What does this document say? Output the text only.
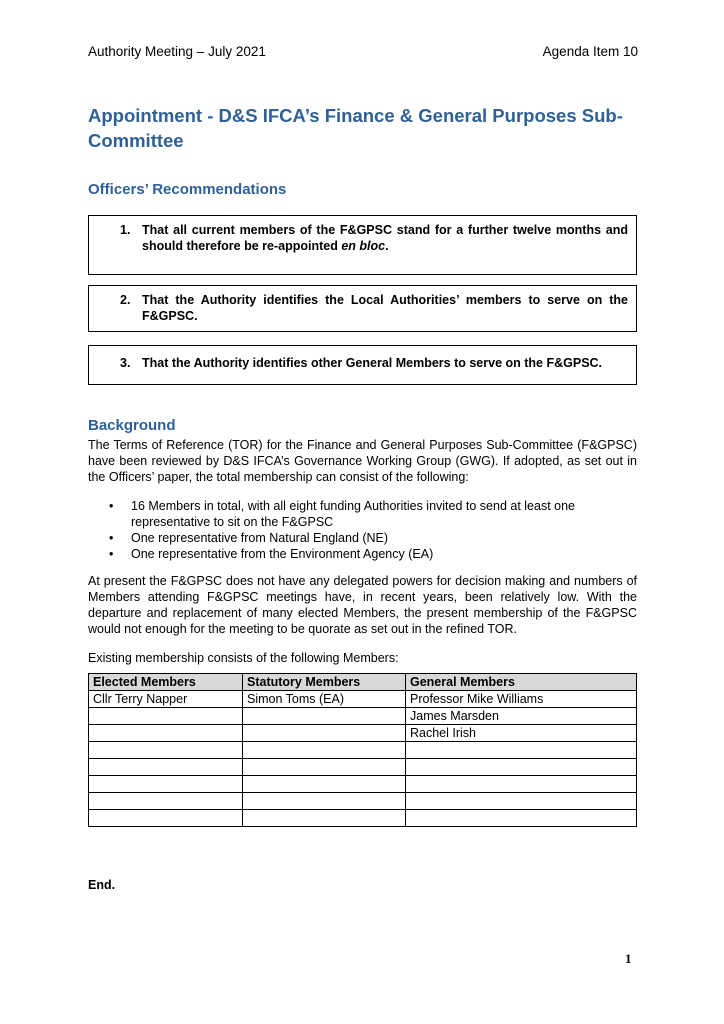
Authority Meeting – July 2021	Agenda Item 10
Appointment - D&S IFCA’s Finance & General Purposes Sub-Committee
Officers’ Recommendations
1. That all current members of the F&GPSC stand for a further twelve months and should therefore be re-appointed en bloc.
2. That the Authority identifies the Local Authorities’ members to serve on the F&GPSC.
3. That the Authority identifies other General Members to serve on the F&GPSC.
Background

The Terms of Reference (TOR) for the Finance and General Purposes Sub-Committee (F&GPSC) have been reviewed by D&S IFCA’s Governance Working Group (GWG). If adopted, as set out in the Officers’ paper, the total membership can consist of the following:

• 16 Members in total, with all eight funding Authorities invited to send at least one representative to sit on the F&GPSC
• One representative from Natural England (NE)
• One representative from the Environment Agency (EA)

At present the F&GPSC does not have any delegated powers for decision making and numbers of Members attending F&GPSC meetings have, in recent years, been relatively low. With the departure and replacement of many elected Members, the present membership of the F&GPSC would not enough for the meeting to be quorate as set out in the refined TOR.

Existing membership consists of the following Members:

Elected Members	Statutory Members	General Members
Cllr Terry Napper	Simon Toms (EA)	Professor Mike Williams
		James Marsden
		Rachel Irish

End.
1
